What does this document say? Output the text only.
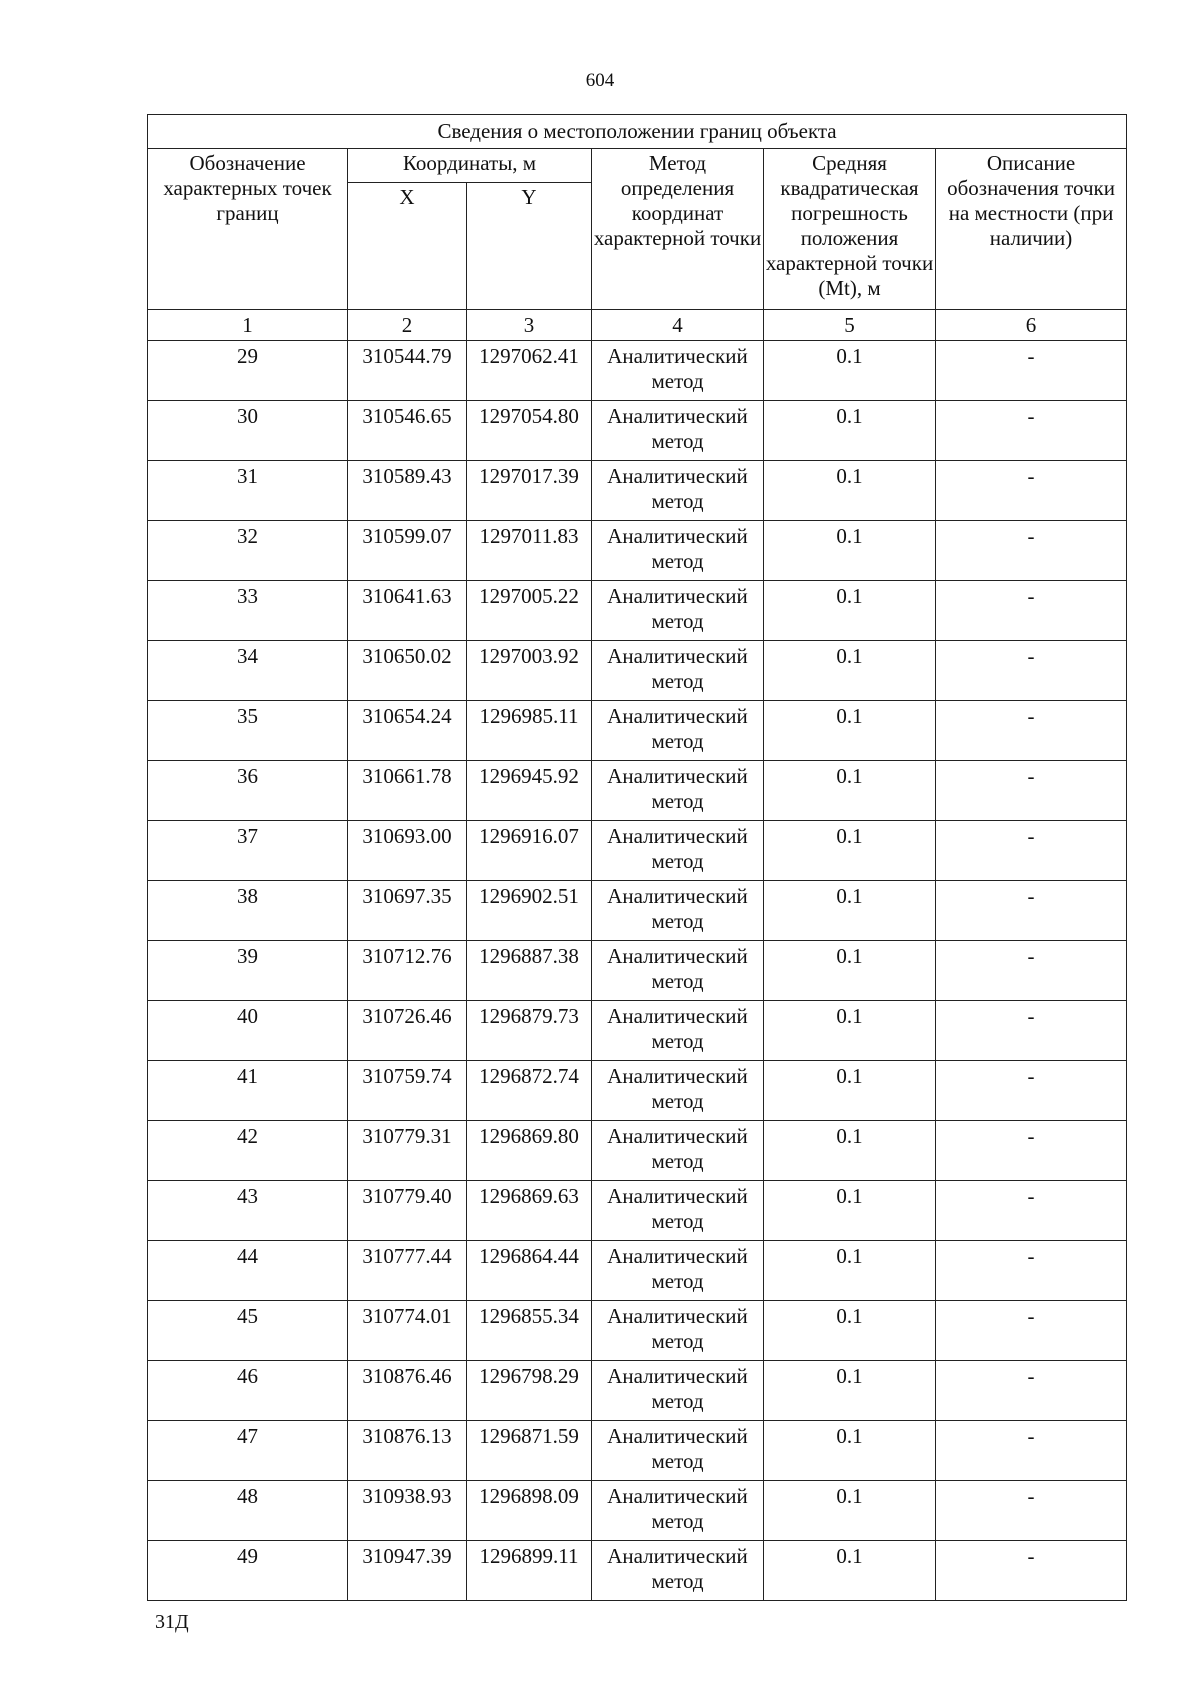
604
Сведения о местоположении границ объекта					
Обозначение характерных точек границ	Координаты, м		Метод определения координат характерной точки	Средняя квадратическая погрешность положения характерной точки (Mt), м	Описание обозначения точки на местности (при наличии)
	X	Y			
1	2	3	4	5	6
29	310544.79	1297062.41	Аналитический метод	0.1	-
30	310546.65	1297054.80	Аналитический метод	0.1	-
31	310589.43	1297017.39	Аналитический метод	0.1	-
32	310599.07	1297011.83	Аналитический метод	0.1	-
33	310641.63	1297005.22	Аналитический метод	0.1	-
34	310650.02	1297003.92	Аналитический метод	0.1	-
35	310654.24	1296985.11	Аналитический метод	0.1	-
36	310661.78	1296945.92	Аналитический метод	0.1	-
37	310693.00	1296916.07	Аналитический метод	0.1	-
38	310697.35	1296902.51	Аналитический метод	0.1	-
39	310712.76	1296887.38	Аналитический метод	0.1	-
40	310726.46	1296879.73	Аналитический метод	0.1	-
41	310759.74	1296872.74	Аналитический метод	0.1	-
42	310779.31	1296869.80	Аналитический метод	0.1	-
43	310779.40	1296869.63	Аналитический метод	0.1	-
44	310777.44	1296864.44	Аналитический метод	0.1	-
45	310774.01	1296855.34	Аналитический метод	0.1	-
46	310876.46	1296798.29	Аналитический метод	0.1	-
47	310876.13	1296871.59	Аналитический метод	0.1	-
48	310938.93	1296898.09	Аналитический метод	0.1	-
49	310947.39	1296899.11	Аналитический метод	0.1	-
31Д
